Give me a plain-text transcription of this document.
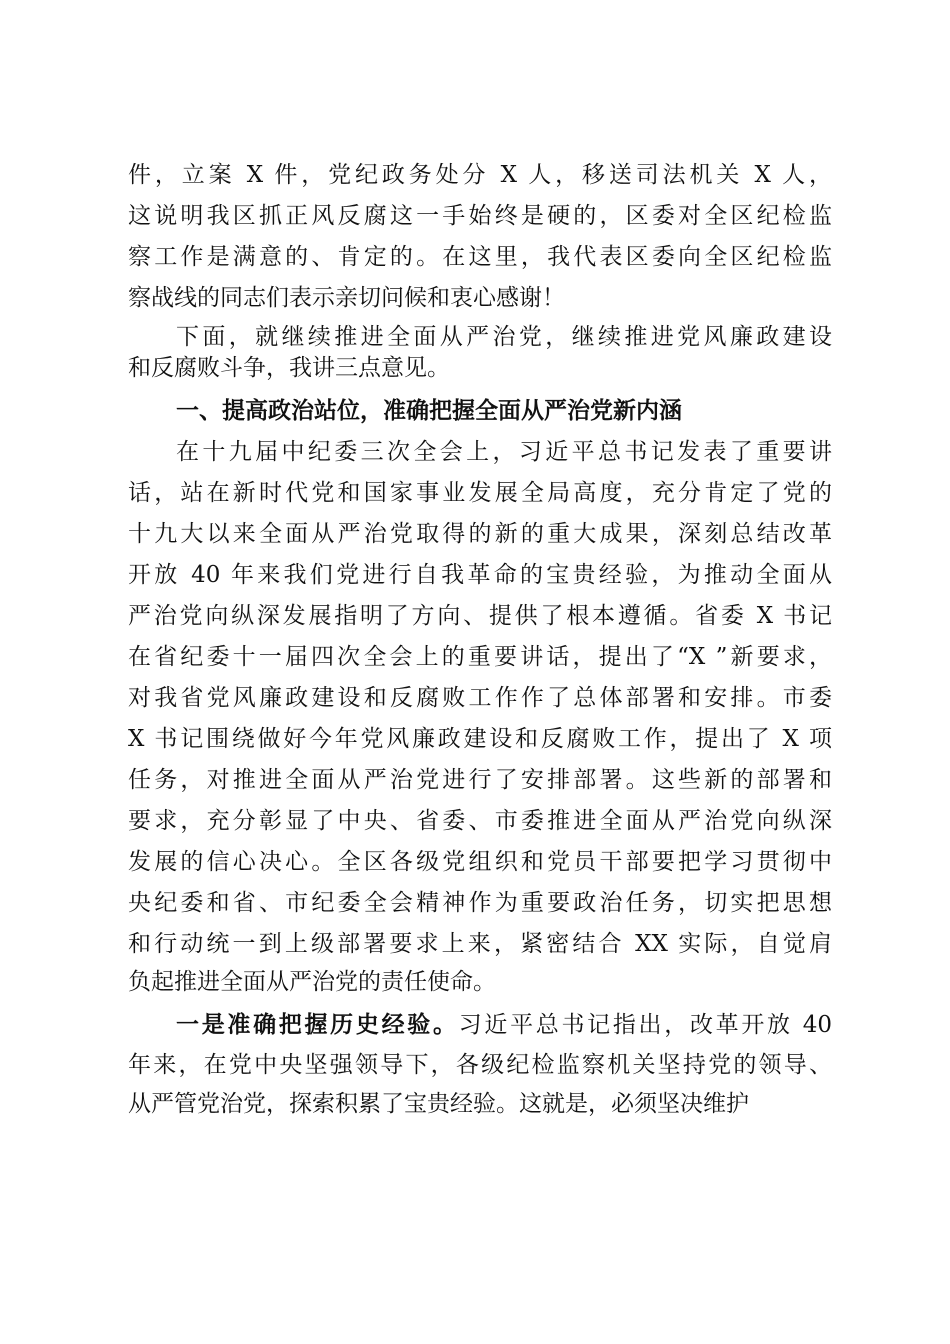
件，立案 X 件，党纪政务处分 X 人，移送司法机关 X 人，
这说明我区抓正风反腐这一手始终是硬的，区委对全区纪检监
察工作是满意的、肯定的。在这里，我代表区委向全区纪检监
察战线的同志们表示亲切问候和衷心感谢！
下面，就继续推进全面从严治党，继续推进党风廉政建设
和反腐败斗争，我讲三点意见。
一、提高政治站位，准确把握全面从严治党新内涵
在十九届中纪委三次全会上，习近平总书记发表了重要讲
话，站在新时代党和国家事业发展全局高度，充分肯定了党的
十九大以来全面从严治党取得的新的重大成果，深刻总结改革
开放 40 年来我们党进行自我革命的宝贵经验，为推动全面从
严治党向纵深发展指明了方向、提供了根本遵循。省委 X 书记
在省纪委十一届四次全会上的重要讲话，提出了“X ”新要求，
对我省党风廉政建设和反腐败工作作了总体部署和安排。市委
X 书记围绕做好今年党风廉政建设和反腐败工作，提出了 X 项
任务，对推进全面从严治党进行了安排部署。这些新的部署和
要求，充分彰显了中央、省委、市委推进全面从严治党向纵深
发展的信心决心。全区各级党组织和党员干部要把学习贯彻中
央纪委和省、市纪委全会精神作为重要政治任务，切实把思想
和行动统一到上级部署要求上来，紧密结合 XX 实际，自觉肩
负起推进全面从严治党的责任使命。
一是准确把握历史经验。习近平总书记指出，改革开放 40
年来，在党中央坚强领导下，各级纪检监察机关坚持党的领导、
从严管党治党，探索积累了宝贵经验。这就是，必须坚决维护
